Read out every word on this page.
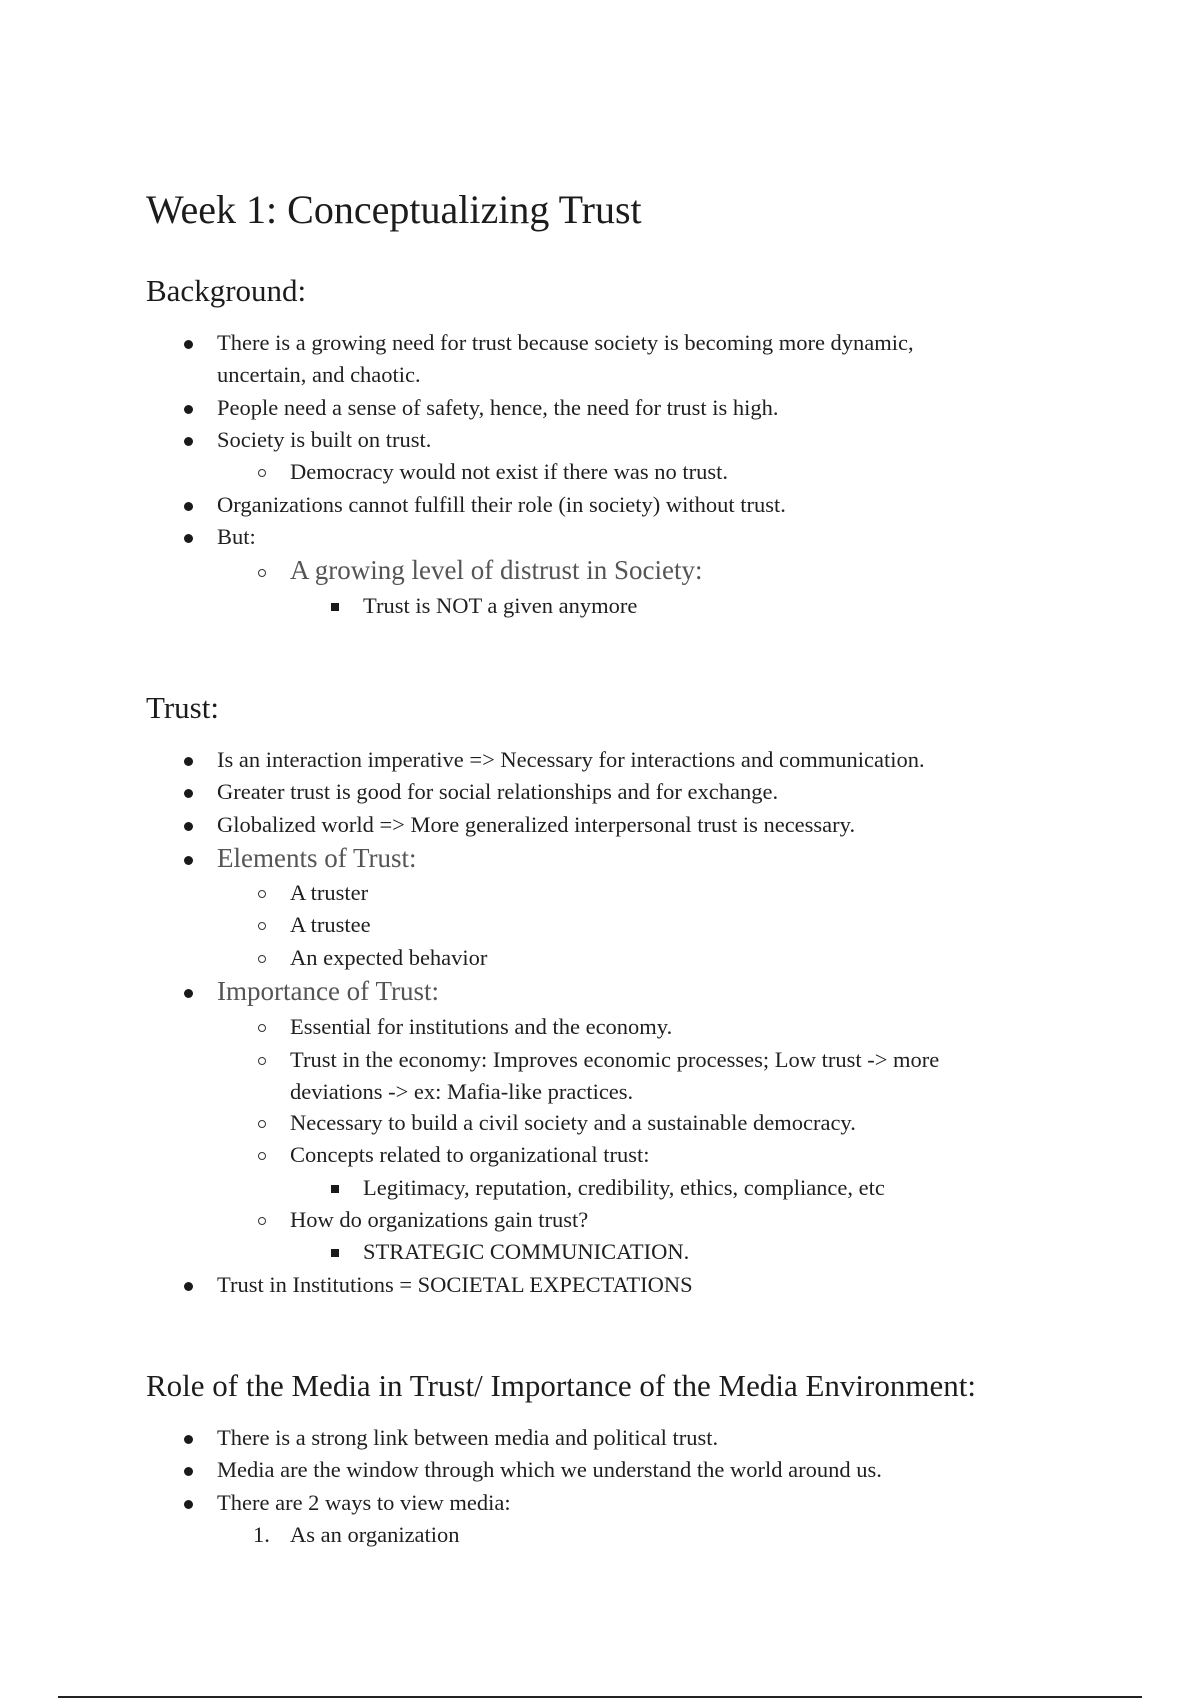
Week 1: Conceptualizing Trust
Background:
There is a growing need for trust because society is becoming more dynamic,
uncertain, and chaotic.
People need a sense of safety, hence, the need for trust is high.
Society is built on trust.
Democracy would not exist if there was no trust.
Organizations cannot fulfill their role (in society) without trust.
But:
A growing level of distrust in Society:
Trust is NOT a given anymore
Trust:
Is an interaction imperative => Necessary for interactions and communication.
Greater trust is good for social relationships and for exchange.
Globalized world => More generalized interpersonal trust is necessary.
Elements of Trust:
A truster
A trustee
An expected behavior
Importance of Trust:
Essential for institutions and the economy.
Trust in the economy: Improves economic processes; Low trust -> more
deviations -> ex: Mafia-like practices.
Necessary to build a civil society and a sustainable democracy.
Concepts related to organizational trust:
Legitimacy, reputation, credibility, ethics, compliance, etc
How do organizations gain trust?
STRATEGIC COMMUNICATION.
Trust in Institutions = SOCIETAL EXPECTATIONS
Role of the Media in Trust/ Importance of the Media Environment:
There is a strong link between media and political trust.
Media are the window through which we understand the world around us.
There are 2 ways to view media:
1. As an organization
